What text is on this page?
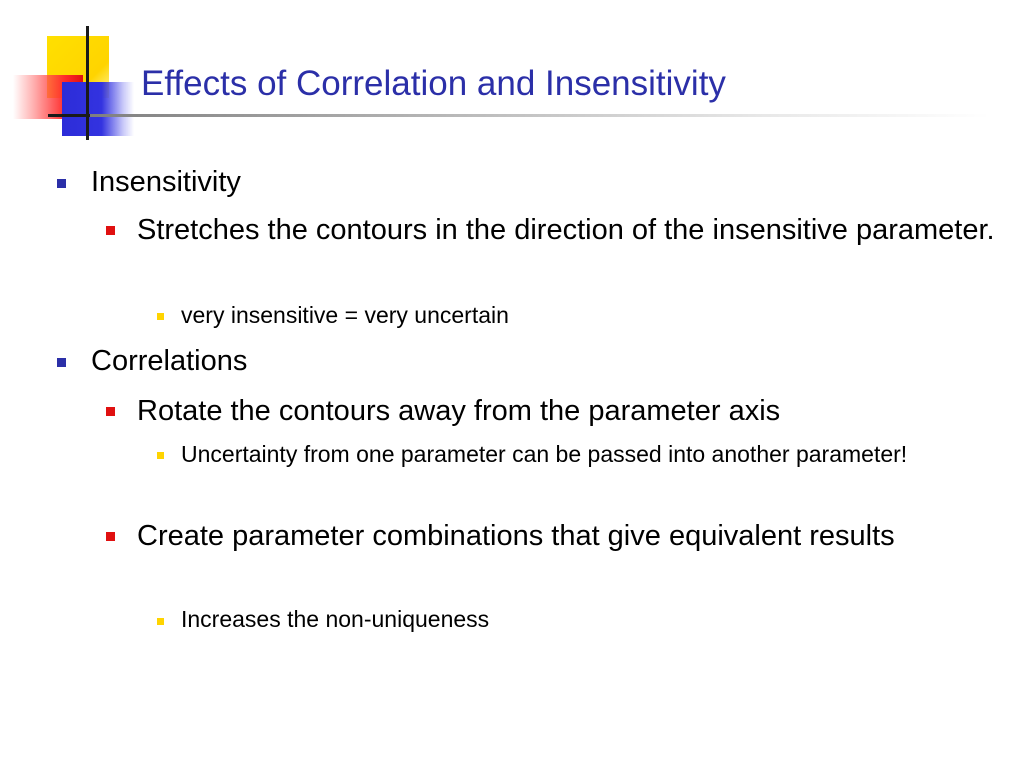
Effects of Correlation and Insensitivity
Insensitivity
Stretches the contours in the direction of the insensitive parameter.
very insensitive = very uncertain
Correlations
Rotate the contours away from the parameter axis
Uncertainty from one parameter can be passed into another parameter!
Create parameter combinations that give equivalent results
Increases the non-uniqueness
